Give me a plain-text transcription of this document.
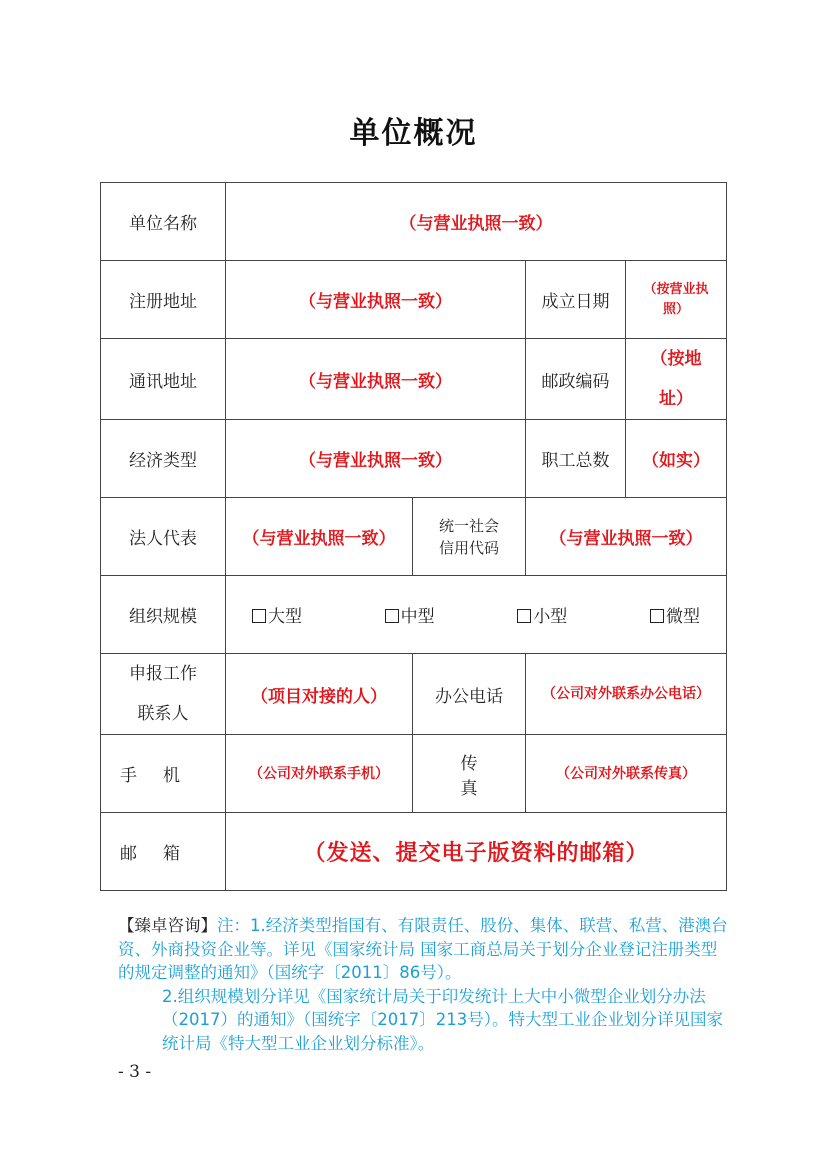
单位概况
单位名称	（与营业执照一致）			
注册地址	（与营业执照一致）		成立日期	（按营业执照）
通讯地址	（与营业执照一致）		邮政编码	（按地址）
经济类型	（与营业执照一致）		职工总数	（如实）
法人代表	（与营业执照一致）	统一社会信用代码	（与营业执照一致）	
组织规模	大型 中型 小型 微型			

申报工作联系人	（项目对接的人）	办公电话	（公司对外联系办公电话）	
手机	（公司对外联系手机）	传真	（公司对外联系传真）	
邮箱	（发送、提交电子版资料的邮箱）			
【臻卓咨询】注：1.经济类型指国有、有限责任、股份、集体、联营、私营、港澳台资、外商投资企业等。详见《国家统计局 国家工商总局关于划分企业登记注册类型的规定调整的通知》（国统字〔2011〕86号）。
2.组织规模划分详见《国家统计局关于印发统计上大中小微型企业划分办法（2017）的通知》（国统字〔2017〕213号）。特大型工业企业划分详见国家统计局《特大型工业企业划分标准》。
- 3 -
